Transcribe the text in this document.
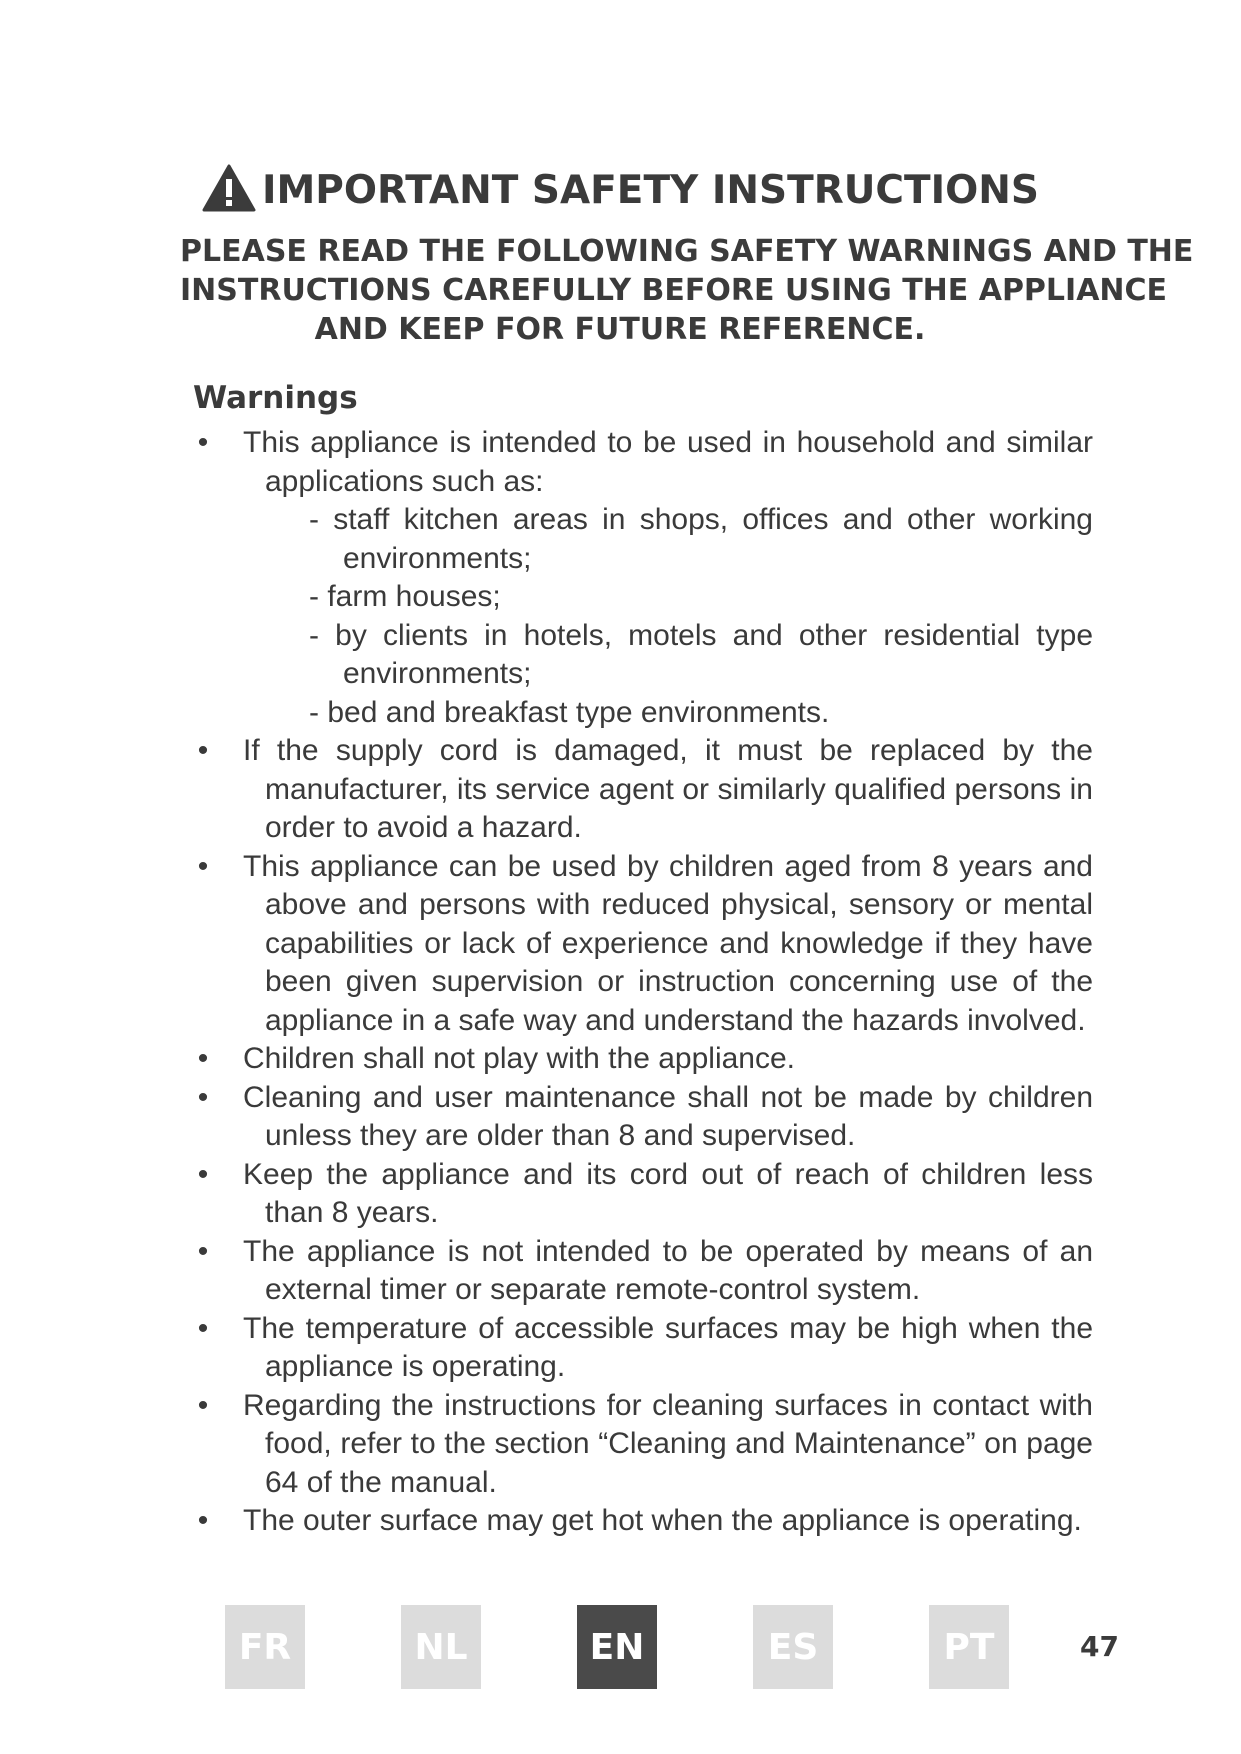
IMPORTANT SAFETY INSTRUCTIONS
PLEASE READ THE FOLLOWING SAFETY WARNINGS AND THE
INSTRUCTIONS CAREFULLY BEFORE USING THE APPLIANCE
AND KEEP FOR FUTURE REFERENCE.
Warnings
• This appliance is intended to be used in household and similar applications such as:
- staff kitchen areas in shops, offices and other working environments;
- farm houses;
- by clients in hotels, motels and other residential type environments;
- bed and breakfast type environments.
• If the supply cord is damaged, it must be replaced by the manufacturer, its service agent or similarly qualified persons in order to avoid a hazard.
• This appliance can be used by children aged from 8 years and above and persons with reduced physical, sensory or mental capabilities or lack of experience and knowledge if they have been given supervision or instruction concerning use of the appliance in a safe way and understand the hazards involved.
• Children shall not play with the appliance.
• Cleaning and user maintenance shall not be made by children unless they are older than 8 and supervised.
• Keep the appliance and its cord out of reach of children less than 8 years.
• The appliance is not intended to be operated by means of an external timer or separate remote-control system.
• The temperature of accessible surfaces may be high when the appliance is operating.
• Regarding the instructions for cleaning surfaces in contact with food, refer to the section “Cleaning and Maintenance” on page 64 of the manual.
• The outer surface may get hot when the appliance is operating.
FR	NL	EN	ES	PT	47
